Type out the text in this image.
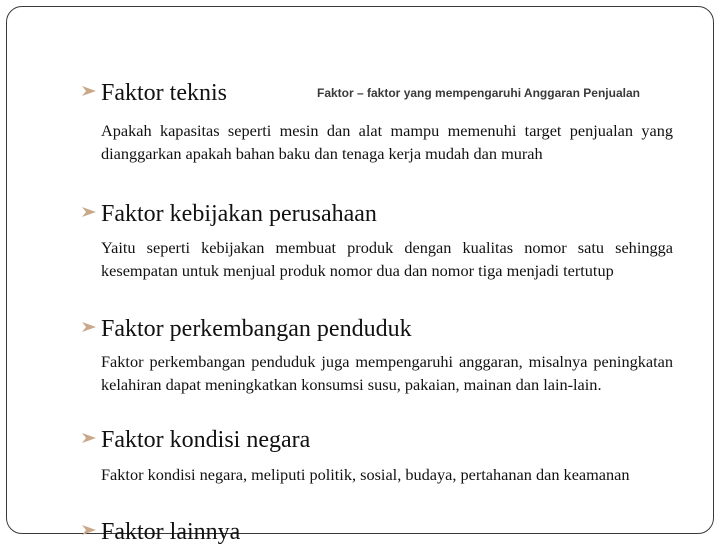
Faktor – faktor yang mempengaruhi Anggaran Penjualan
Faktor teknis
Apakah kapasitas seperti mesin dan alat mampu memenuhi target penjualan yang dianggarkan apakah bahan baku dan tenaga kerja mudah dan murah
Faktor kebijakan perusahaan
Yaitu seperti kebijakan membuat produk dengan kualitas nomor satu sehingga kesempatan untuk menjual produk nomor dua dan nomor tiga menjadi tertutup
Faktor perkembangan penduduk
Faktor perkembangan penduduk juga mempengaruhi anggaran, misalnya peningkatan kelahiran dapat meningkatkan konsumsi susu, pakaian, mainan dan lain-lain.
Faktor kondisi negara
Faktor kondisi negara, meliputi politik, sosial, budaya, pertahanan dan keamanan
Faktor lainnya
